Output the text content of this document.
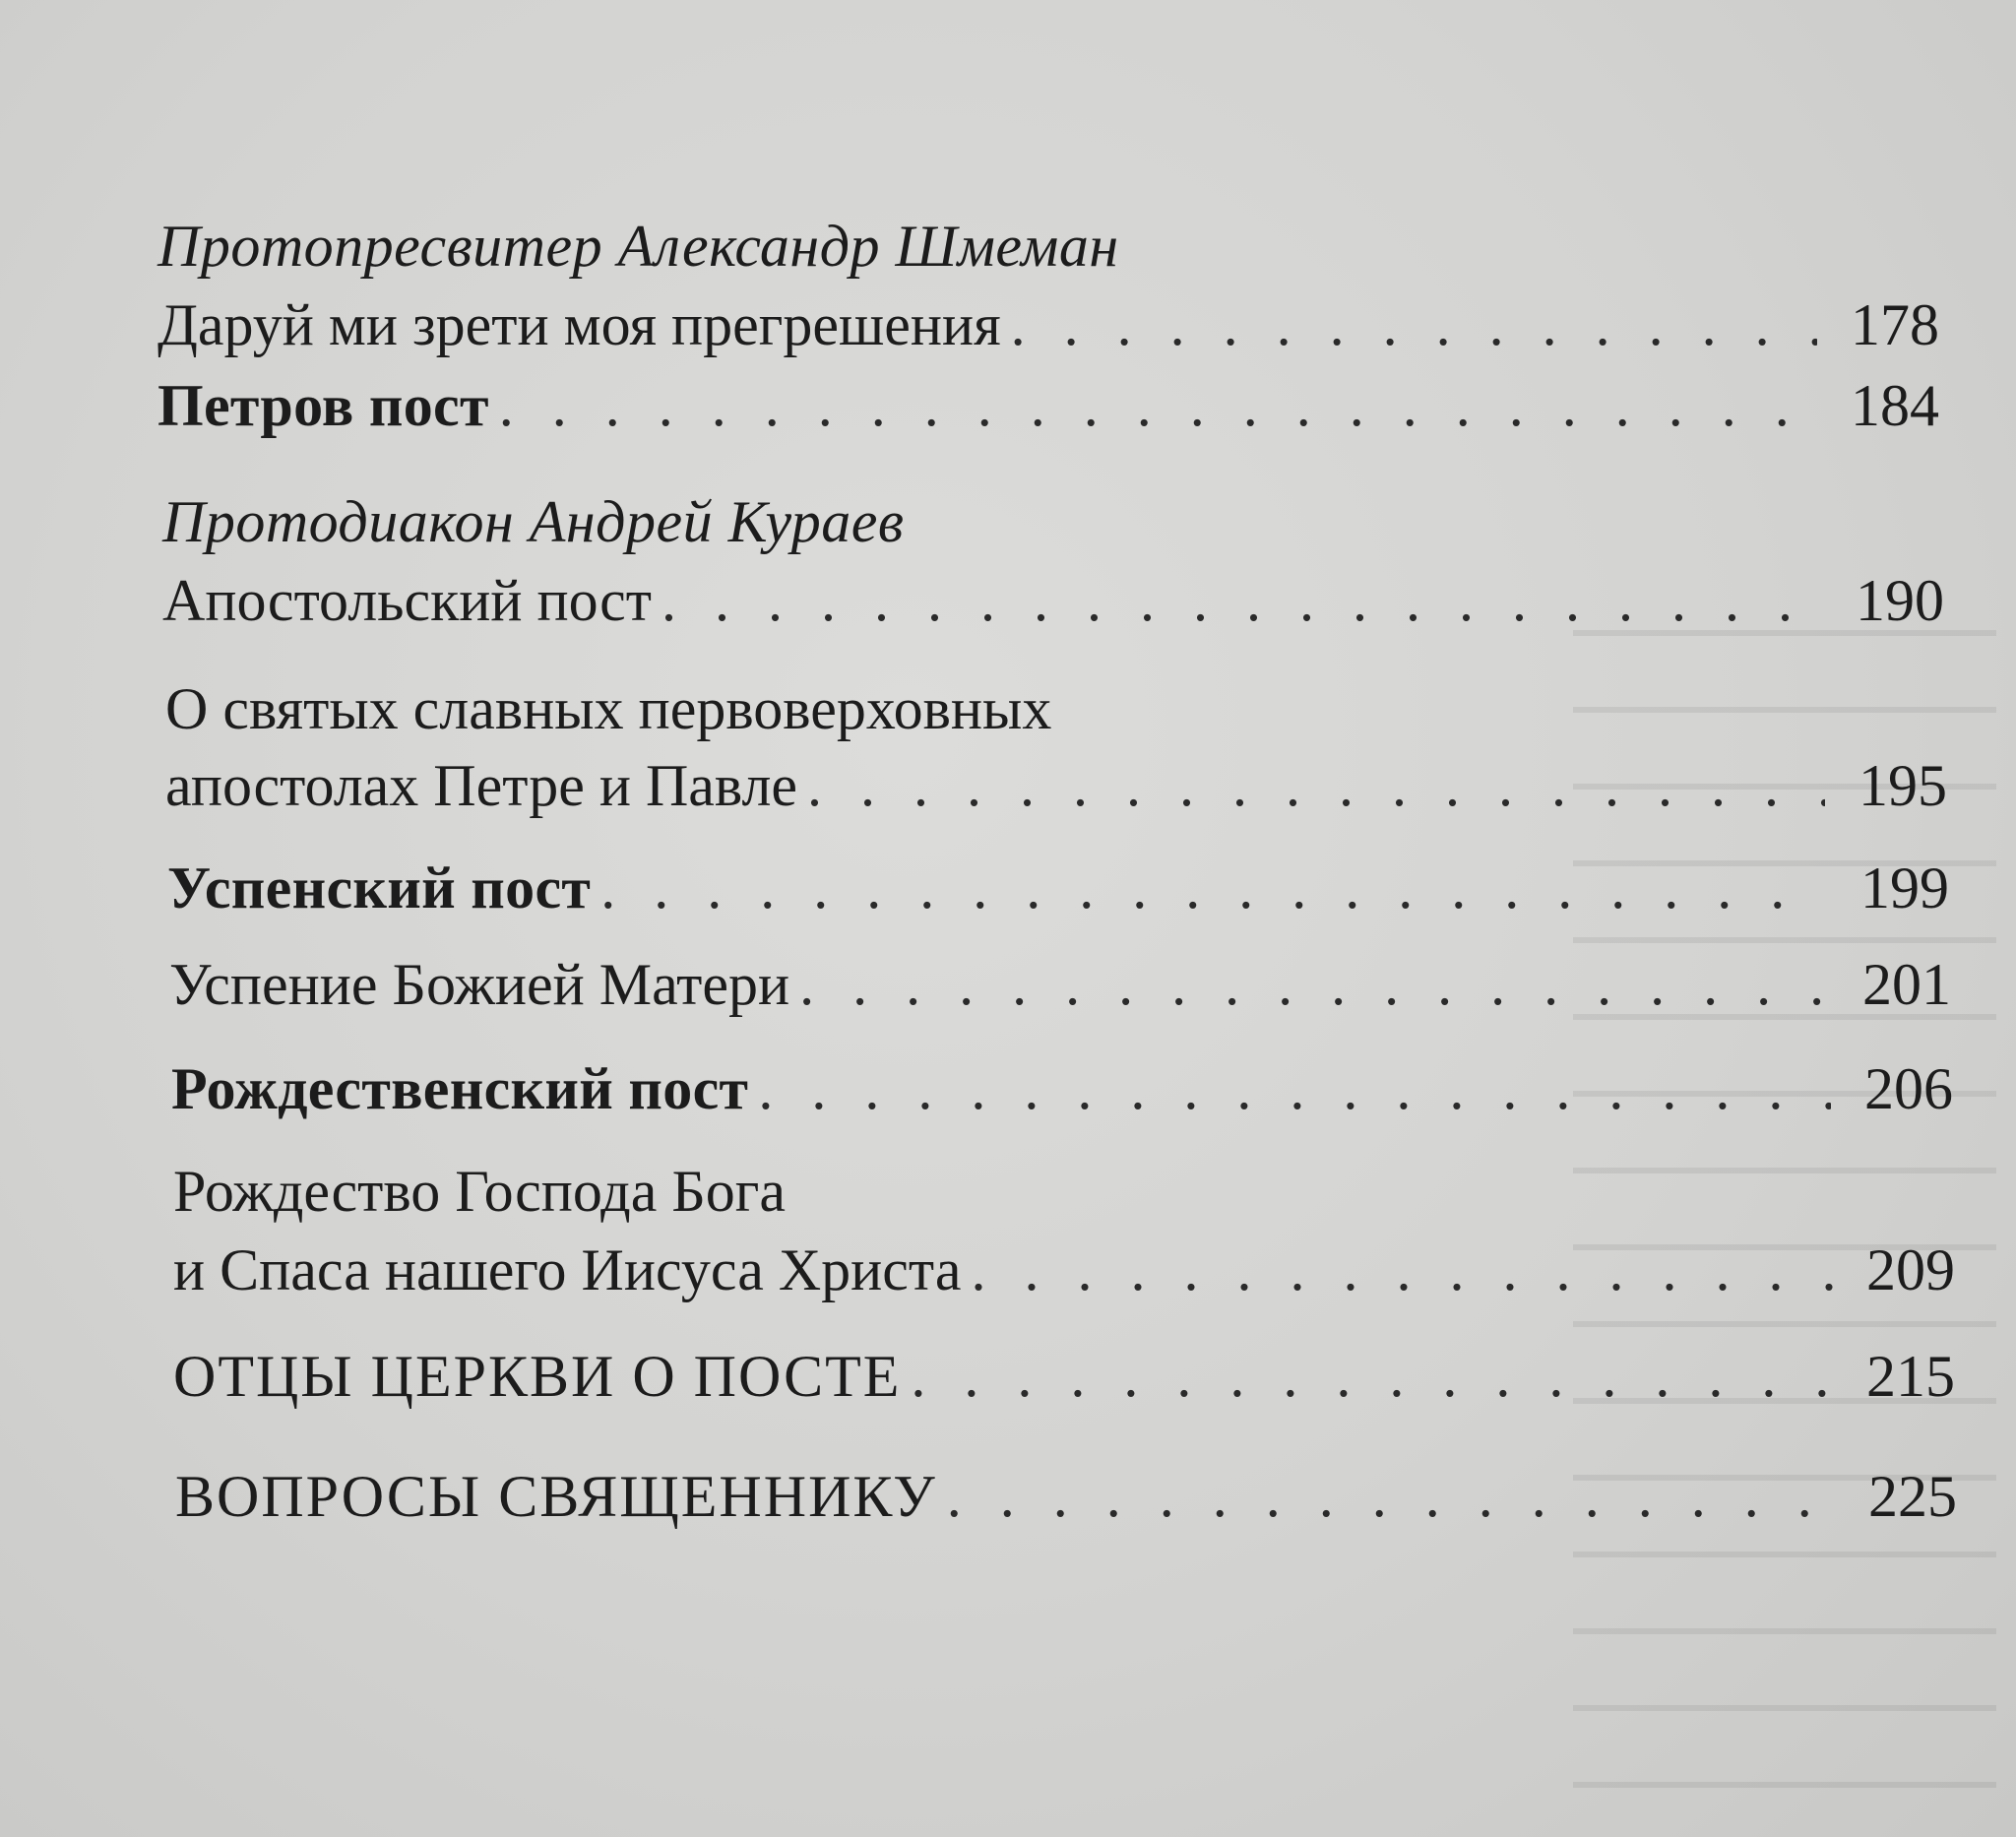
Протопресвитер Александр Шмеман
Даруй ми зрети моя прегрешения . . .	178
Петров пост . . .	184
Протодиакон Андрей Кураев
Апостольский пост . . .	190
О святых славных первоверховных
апостолах Петре и Павле . . .	195
Успенский пост . . .	199
Успение Божией Матери . . .	201
Рождественский пост . . .	206
Рождество Господа Бога
и Спаса нашего Иисуса Христа . . .	209
ОТЦЫ ЦЕРКВИ О ПОСТЕ . . .	215
ВОПРОСЫ СВЯЩЕННИКУ . . .	225
